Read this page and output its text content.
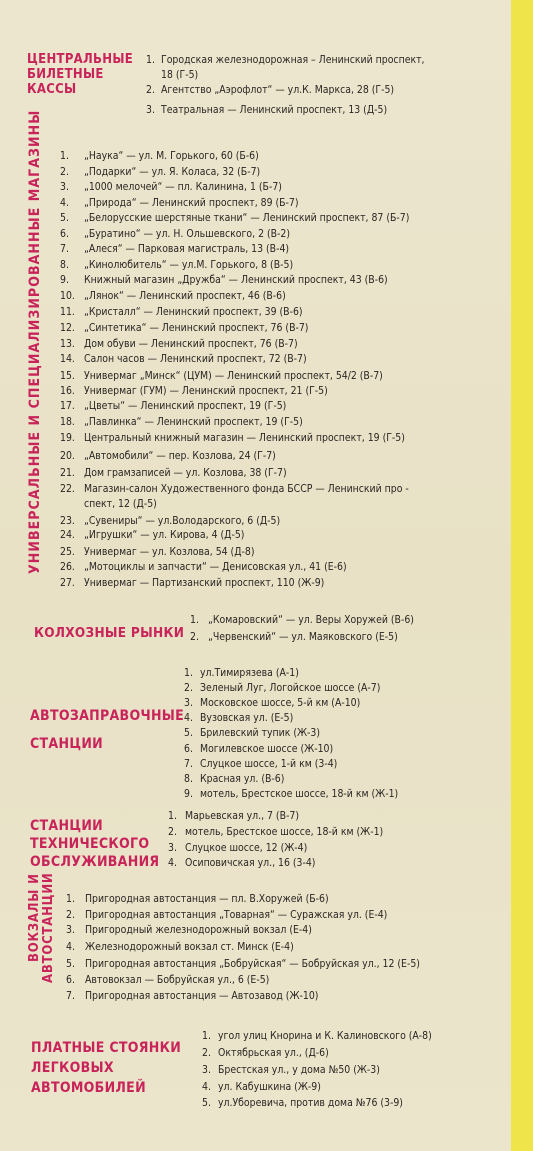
ЦЕНТРАЛЬНЫЕ
БИЛЕТНЫЕ
КАССЫ
1. Городская железнодорожная – Ленинский проспект,
18 (Г-5)
2. Агентство „Аэрофлот“ — ул.К. Маркса, 28 (Г-5)
3. Театральная — Ленинский проспект, 13 (Д-5)
УНИВЕРСАЛЬНЫЕ И СПЕЦИАЛИЗИРОВАННЫЕ МАГАЗИНЫ 1. „Наука“ — ул. М. Горького, 60 (Б-6)
2. „Подарки“ — ул. Я. Коласа, 32 (Б-7)
3. „1000 мелочей“ — пл. Калинина, 1 (Б-7)
4. „Природа“ — Ленинский проспект, 89 (Б-7)
5. „Белорусские шерстяные ткани“ — Ленинский проспект, 87 (Б-7)
6. „Буратино“ — ул. Н. Ольшевского, 2 (В-2)
7. „Алеся“ — Парковая магистраль, 13 (В-4)
8. „Кинолюбитель“ — ул.М. Горького, 8 (В-5)
9. Книжный магазин „Дружба“ — Ленинский проспект, 43 (В-6)
10. „Лянок“ — Ленинский проспект, 46 (В-6)
11. „Кристалл“ — Ленинский проспект, 39 (В-6)
12. „Синтетика“ — Ленинский проспект, 76 (В-7)
13. Дом обуви — Ленинский проспект, 76 (В-7)
14. Салон часов — Ленинский проспект, 72 (В-7)
15. Универмаг „Минск“ (ЦУМ) — Ленинский проспект, 54/2 (В-7)
16. Универмаг (ГУМ) — Ленинский проспект, 21 (Г-5)
17. „Цветы“ — Ленинский проспект, 19 (Г-5)
18. „Павлинка“ — Ленинский проспект, 19 (Г-5)
19. Центральный книжный магазин — Ленинский проспект, 19 (Г-5)
20. „Автомобили“ — пер. Козлова, 24 (Г-7)
21. Дом грамзаписей — ул. Козлова, 38 (Г-7)
22. Магазин-салон Художественного фонда БССР — Ленинский про -
спект, 12 (Д-5)
23. „Сувениры“ — ул.Володарского, 6 (Д-5)
24. „Игрушки“ — ул. Кирова, 4 (Д-5)
25. Универмаг — ул. Козлова, 54 (Д-8)
26. „Мотоциклы и запчасти“ — Денисовская ул., 41 (Е-6)
27. Универмаг — Партизанский проспект, 110 (Ж-9)
КОЛХОЗНЫЕ РЫНКИ
1. „Комаровский“ — ул. Веры Хоружей (В-6)
2. „Червенский“ — ул. Маяковского (Е-5)
АВТОЗАПРАВОЧНЫЕ
СТАНЦИИ
1. ул.Тимирязева (А-1)
2. Зеленый Луг, Логойское шоссе (А-7)
3. Московское шоссе, 5-й км (А-10)
4. Вузовская ул. (Е-5)
5. Брилевский тупик (Ж-3)
6. Могилевское шоссе (Ж-10)
7. Слуцкое шоссе, 1-й км (3-4)
8. Красная ул. (В-6)
9. мотель, Брестское шоссе, 18-й км (Ж-1)
СТАНЦИИ
ТЕХНИЧЕСКОГО
ОБСЛУЖИВАНИЯ
1. Марьевская ул., 7 (В-7)
2. мотель, Брестское шоссе, 18-й км (Ж-1)
3. Слуцкое шоссе, 12 (Ж-4)
4. Осиповичская ул., 16 (3-4)
ВОКЗАЛЫ И АВТОСТАНЦИИ 1. Пригородная автостанция — пл. В.Хоружей (Б-6)
2. Пригородная автостанция „Товарная“ — Суражская ул. (Е-4)
3. Пригородный железнодорожный вокзал (Е-4)
4. Железнодорожный вокзал ст. Минск (Е-4)
5. Пригородная автостанция „Бобруйская“ — Бобруйская ул., 12 (Е-5)
6. Автовокзал — Бобруйская ул., 6 (Е-5)
7. Пригородная автостанция — Автозавод (Ж-10)
ПЛАТНЫЕ СТОЯНКИ
ЛЕГКОВЫХ
АВТОМОБИЛЕЙ
1. угол улиц Кнорина и К. Калиновского (А-8)
2. Октябрьская ул., (Д-6)
3. Брестская ул., у дома №50 (Ж-3)
4. ул. Кабушкина (Ж-9)
5. ул.Уборевича, против дома №76 (3-9)
